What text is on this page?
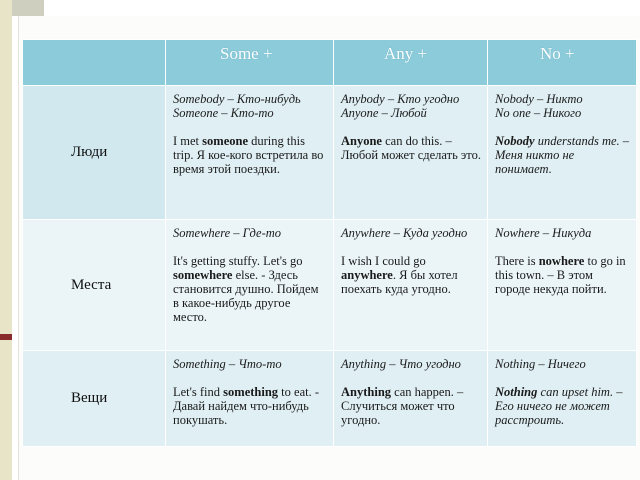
	Some +	Any +	No +

Люди	Somebody – Кто-нибудь
Someone – Кто-то
I met someone during this trip. Я кое-кого встретила во время этой поездки.	Anybody – Кто угодно
Anyone – Любой
Anyone can do this. – Любой может сделать это.	Nobody – Никто
No one – Никого
Nobody understands me. – Меня никто не понимает.

Места	Somewhere – Где-то
It's getting stuffy. Let's go somewhere else. - Здесь становится душно. Пойдем в какое-нибудь другое место.	Anywhere – Куда угодно
I wish I could go anywhere. Я бы хотел поехать куда угодно.	Nowhere – Никуда
There is nowhere to go in this town. – В этом городе некуда пойти.

Вещи	Something – Что-то
Let's find something to eat. - Давай найдем что-нибудь покушать.	Anything – Что угодно
Anything can happen. – Случиться может что угодно.	Nothing – Ничего
Nothing can upset him. – Его ничего не может расстроить.
